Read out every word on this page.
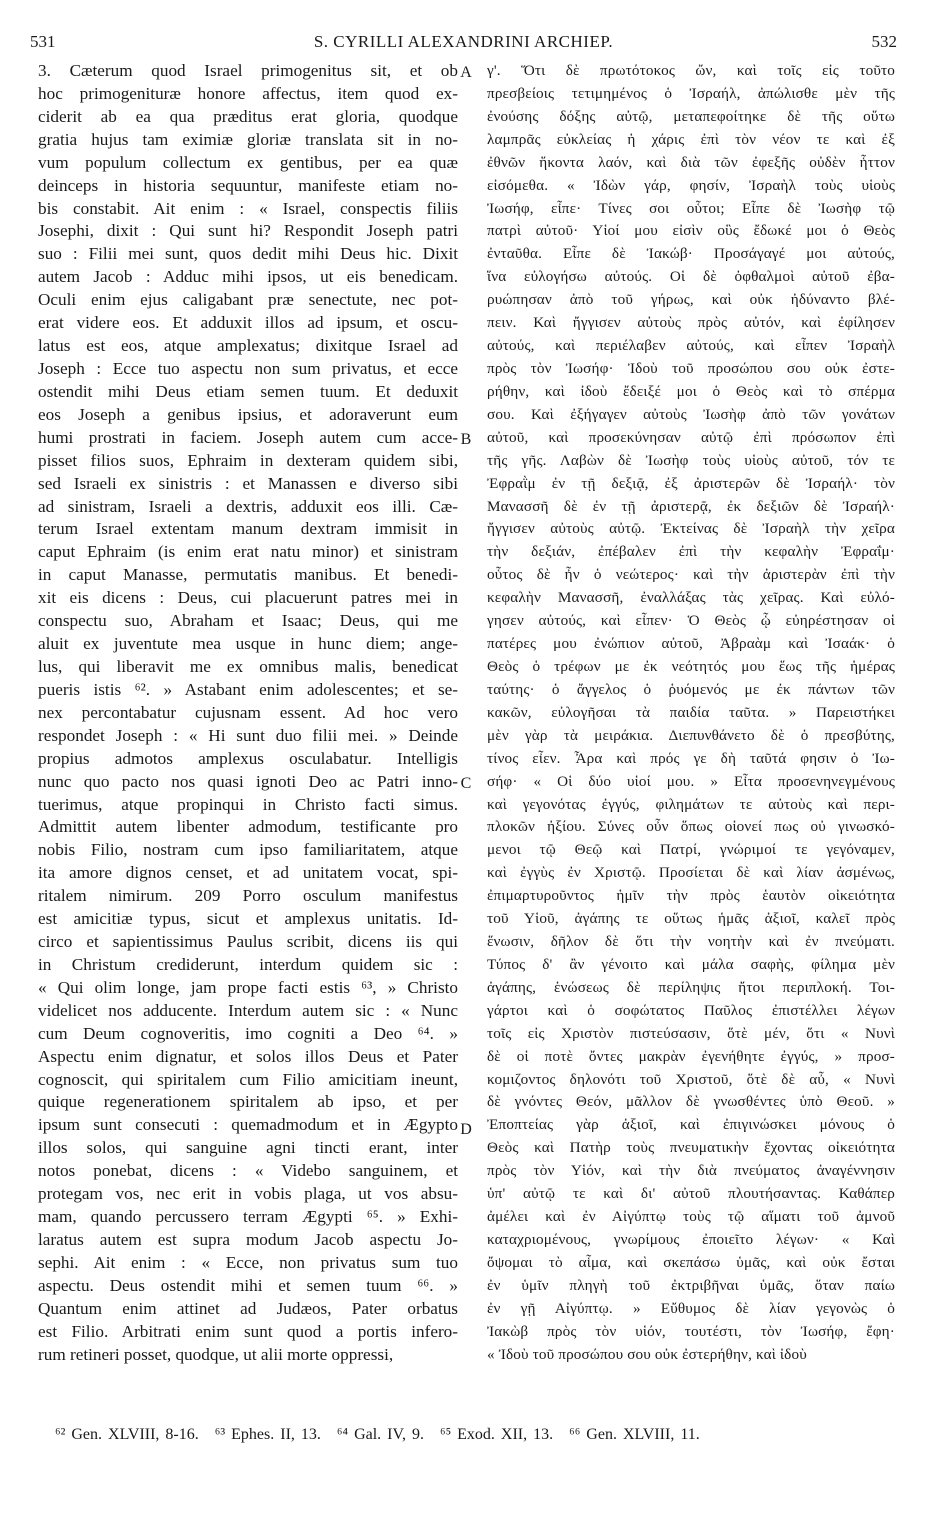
531	S. CYRILLI ALEXANDRINI ARCHIEP.	532
3. Cæterum quod Israel primogenitus sit, et ob
hoc primogenituræ honore affectus, item quod ex-
ciderit ab ea qua præditus erat gloria, quodque
gratia hujus tam eximiæ gloriæ translata sit in no-
vum populum collectum ex gentibus, per ea quæ
deinceps in historia sequuntur, manifeste etiam no-
bis constabit. Ait enim : « Israel, conspectis filiis
Josephi, dixit : Qui sunt hi? Respondit Joseph patri
suo : Filii mei sunt, quos dedit mihi Deus hic. Dixit
autem Jacob : Adduc mihi ipsos, ut eis benedicam.
Oculi enim ejus caligabant præ senectute, nec pot-
erat videre eos. Et adduxit illos ad ipsum, et oscu-
latus est eos, atque amplexatus; dixitque Israel ad
Joseph : Ecce tuo aspectu non sum privatus, et ecce
ostendit mihi Deus etiam semen tuum. Et deduxit
eos Joseph a genibus ipsius, et adoraverunt eum
humi prostrati in faciem. Joseph autem cum acce-
pisset filios suos, Ephraim in dexteram quidem sibi,
sed Israeli ex sinistris : et Manassen e diverso sibi
ad sinistram, Israeli a dextris, adduxit eos illi. Cæ-
terum Israel extentam manum dextram immisit in
caput Ephraim (is enim erat natu minor) et sinistram
in caput Manasse, permutatis manibus. Et benedi-
xit eis dicens : Deus, cui placuerunt patres mei in
conspectu suo, Abraham et Isaac; Deus, qui me
aluit ex juventute mea usque in hunc diem; ange-
lus, qui liberavit me ex omnibus malis, benedicat
pueris istis ⁶². » Astabant enim adolescentes; et se-
nex percontabatur cujusnam essent. Ad hoc vero
respondet Joseph : « Hi sunt duo filii mei. » Deinde
propius admotos amplexus osculabatur. Intelligis
nunc quo pacto nos quasi ignoti Deo ac Patri inno-
tuerimus, atque propinqui in Christo facti simus.
Admittit autem libenter admodum, testificante pro
nobis Filio, nostram cum ipso familiaritatem, atque
ita amore dignos censet, et ad unitatem vocat, spi-
ritalem nimirum. 209 Porro osculum manifestus
est amicitiæ typus, sicut et amplexus unitatis. Id-
circo et sapientissimus Paulus scribit, dicens iis qui
in Christum crediderunt, interdum quidem sic :
« Qui olim longe, jam prope facti estis ⁶³, » Christo
videlicet nos adducente. Interdum autem sic : « Nunc
cum Deum cognoveritis, imo cogniti a Deo ⁶⁴. »
Aspectu enim dignatur, et solos illos Deus et Pater
cognoscit, qui spiritalem cum Filio amicitiam ineunt,
quique regenerationem spiritalem ab ipso, et per
ipsum sunt consecuti : quemadmodum et in Ægypto
illos solos, qui sanguine agni tincti erant, inter
notos ponebat, dicens : « Videbo sanguinem, et
protegam vos, nec erit in vobis plaga, ut vos absu-
mam, quando percussero terram Ægypti ⁶⁵. » Exhi-
laratus autem est supra modum Jacob aspectu Jo-
sephi. Ait enim : « Ecce, non privatus sum tuo
aspectu. Deus ostendit mihi et semen tuum ⁶⁶. »
Quantum enim attinet ad Judæos, Pater orbatus
est Filio. Arbitrati enim sunt quod a portis infero-
rum retineri posset, quodque, ut alii morte oppressi,
A
B
C
D
γ'. Ὅτι δὲ πρωτότοκος ὤν, καὶ τοῖς εἰς τοῦτο
πρεσβείοις τετιμημένος ὁ Ἰσραήλ, ἀπώλισθε μὲν τῆς
ἐνούσης δόξης αὐτῷ, μεταπεφοίτηκε δὲ τῆς οὕτω
λαμπρᾶς εὐκλείας ἡ χάρις ἐπὶ τὸν νέον τε καὶ ἐξ
ἐθνῶν ἥκοντα λαόν, καὶ διὰ τῶν ἐφεξῆς οὐδὲν ἧττον
εἰσόμεθα. « Ἰδὼν γάρ, φησίν, Ἰσραὴλ τοὺς υἱοὺς
Ἰωσήφ, εἶπε· Τίνες σοι οὗτοι; Εἶπε δὲ Ἰωσὴφ τῷ
πατρὶ αὐτοῦ· Υἱοί μου εἰσὶν οὓς ἔδωκέ μοι ὁ Θεὸς
ἐνταῦθα. Εἶπε δὲ Ἰακώβ· Προσάγαγέ μοι αὐτούς,
ἵνα εὐλογήσω αὐτούς. Οἱ δὲ ὀφθαλμοὶ αὐτοῦ ἐβα-
ρυώπησαν ἀπὸ τοῦ γήρως, καὶ οὐκ ἠδύναντο βλέ-
πειν. Καὶ ἤγγισεν αὐτοὺς πρὸς αὐτόν, καὶ ἐφίλησεν
αὐτούς, καὶ περιέλαβεν αὐτούς, καὶ εἶπεν Ἰσραὴλ
πρὸς τὸν Ἰωσήφ· Ἰδοὺ τοῦ προσώπου σου οὐκ ἐστε-
ρήθην, καὶ ἰδοὺ ἔδειξέ μοι ὁ Θεὸς καὶ τὸ σπέρμα
σου. Καὶ ἐξήγαγεν αὐτοὺς Ἰωσὴφ ἀπὸ τῶν γονάτων
αὐτοῦ, καὶ προσεκύνησαν αὐτῷ ἐπὶ πρόσωπον ἐπὶ
τῆς γῆς. Λαβὼν δὲ Ἰωσὴφ τοὺς υἱοὺς αὐτοῦ, τόν τε
Ἐφραῒμ ἐν τῇ δεξιᾷ, ἐξ ἀριστερῶν δὲ Ἰσραήλ· τὸν
Μανασσῆ δὲ ἐν τῇ ἀριστερᾷ, ἐκ δεξιῶν δὲ Ἰσραήλ·
ἤγγισεν αὐτοὺς αὐτῷ. Ἐκτείνας δὲ Ἰσραὴλ τὴν χεῖρα
τὴν δεξιάν, ἐπέβαλεν ἐπὶ τὴν κεφαλὴν Ἐφραΐμ·
οὗτος δὲ ἦν ὁ νεώτερος· καὶ τὴν ἀριστερὰν ἐπὶ τὴν
κεφαλὴν Μανασσῆ, ἐναλλάξας τὰς χεῖρας. Καὶ εὐλό-
γησεν αὐτούς, καὶ εἶπεν· Ὁ Θεὸς ᾧ εὐηρέστησαν οἱ
πατέρες μου ἐνώπιον αὐτοῦ, Ἀβραὰμ καὶ Ἰσαάκ· ὁ
Θεὸς ὁ τρέφων με ἐκ νεότητός μου ἕως τῆς ἡμέρας
ταύτης· ὁ ἄγγελος ὁ ῥυόμενός με ἐκ πάντων τῶν
κακῶν, εὐλογῆσαι τὰ παιδία ταῦτα. » Παρειστήκει
μὲν γὰρ τὰ μειράκια. Διεπυνθάνετο δὲ ὁ πρεσβύτης,
τίνος εἶεν. Ἆρα καὶ πρός γε δὴ ταῦτά φησιν ὁ Ἰω-
σήφ· « Οἱ δύο υἱοί μου. » Εἶτα προσενηνεγμένους
καὶ γεγονότας ἐγγύς, φιλημάτων τε αὐτοὺς καὶ περι-
πλοκῶν ἠξίου. Σύνες οὖν ὅπως οἱονεί πως οὐ γινωσκό-
μενοι τῷ Θεῷ καὶ Πατρί, γνώριμοί τε γεγόναμεν,
καὶ ἐγγὺς ἐν Χριστῷ. Προσίεται δὲ καὶ λίαν ἀσμένως,
ἐπιμαρτυροῦντος ἡμῖν τὴν πρὸς ἑαυτὸν οἰκειότητα
τοῦ Υἱοῦ, ἀγάπης τε οὕτως ἡμᾶς ἀξιοῖ, καλεῖ πρὸς
ἕνωσιν, δῆλον δὲ ὅτι τὴν νοητὴν καὶ ἐν πνεύματι.
Τύπος δ' ἂν γένοιτο καὶ μάλα σαφὴς, φίλημα μὲν
ἀγάπης, ἑνώσεως δὲ περίληψις ἤτοι περιπλοκή. Τοι-
γάρτοι καὶ ὁ σοφώτατος Παῦλος ἐπιστέλλει λέγων
τοῖς εἰς Χριστὸν πιστεύσασιν, ὅτὲ μέν, ὅτι « Νυνὶ
δὲ οἱ ποτὲ ὄντες μακρὰν ἐγενήθητε ἐγγύς, » προσ-
κομιζοντος δηλονότι τοῦ Χριστοῦ, ὅτὲ δὲ αὖ, « Νυνὶ
δὲ γνόντες Θεόν, μᾶλλον δὲ γνωσθέντες ὑπὸ Θεοῦ. »
Ἐποπτείας γὰρ ἀξιοῖ, καὶ ἐπιγινώσκει μόνους ὁ
Θεὸς καὶ Πατὴρ τοὺς πνευματικὴν ἔχοντας οἰκειότητα
πρὸς τὸν Υἱόν, καὶ τὴν διὰ πνεύματος ἀναγέννησιν
ὑπ' αὐτῷ τε καὶ δι' αὐτοῦ πλουτήσαντας. Καθάπερ
ἀμέλει καὶ ἐν Αἰγύπτῳ τοὺς τῷ αἵματι τοῦ ἀμνοῦ
καταχριομένους, γνωρίμους ἐποιεῖτο λέγων· « Καὶ
ὄψομαι τὸ αἷμα, καὶ σκεπάσω ὑμᾶς, καὶ οὐκ ἔσται
ἐν ὑμῖν πληγὴ τοῦ ἐκτριβῆναι ὑμᾶς, ὅταν παίω
ἐν γῇ Αἰγύπτῳ. » Εὔθυμος δὲ λίαν γεγονὼς ὁ
Ἰακὼβ πρὸς τὸν υἱόν, τουτέστι, τὸν Ἰωσήφ, ἔφη·
« Ἰδοὺ τοῦ προσώπου σου οὐκ ἐστερήθην, καὶ ἰδοὺ
⁶² Gen. XLVIII, 8-16. ⁶³ Ephes. II, 13. ⁶⁴ Gal. IV, 9. ⁶⁵ Exod. XII, 13. ⁶⁶ Gen. XLVIII, 11.
